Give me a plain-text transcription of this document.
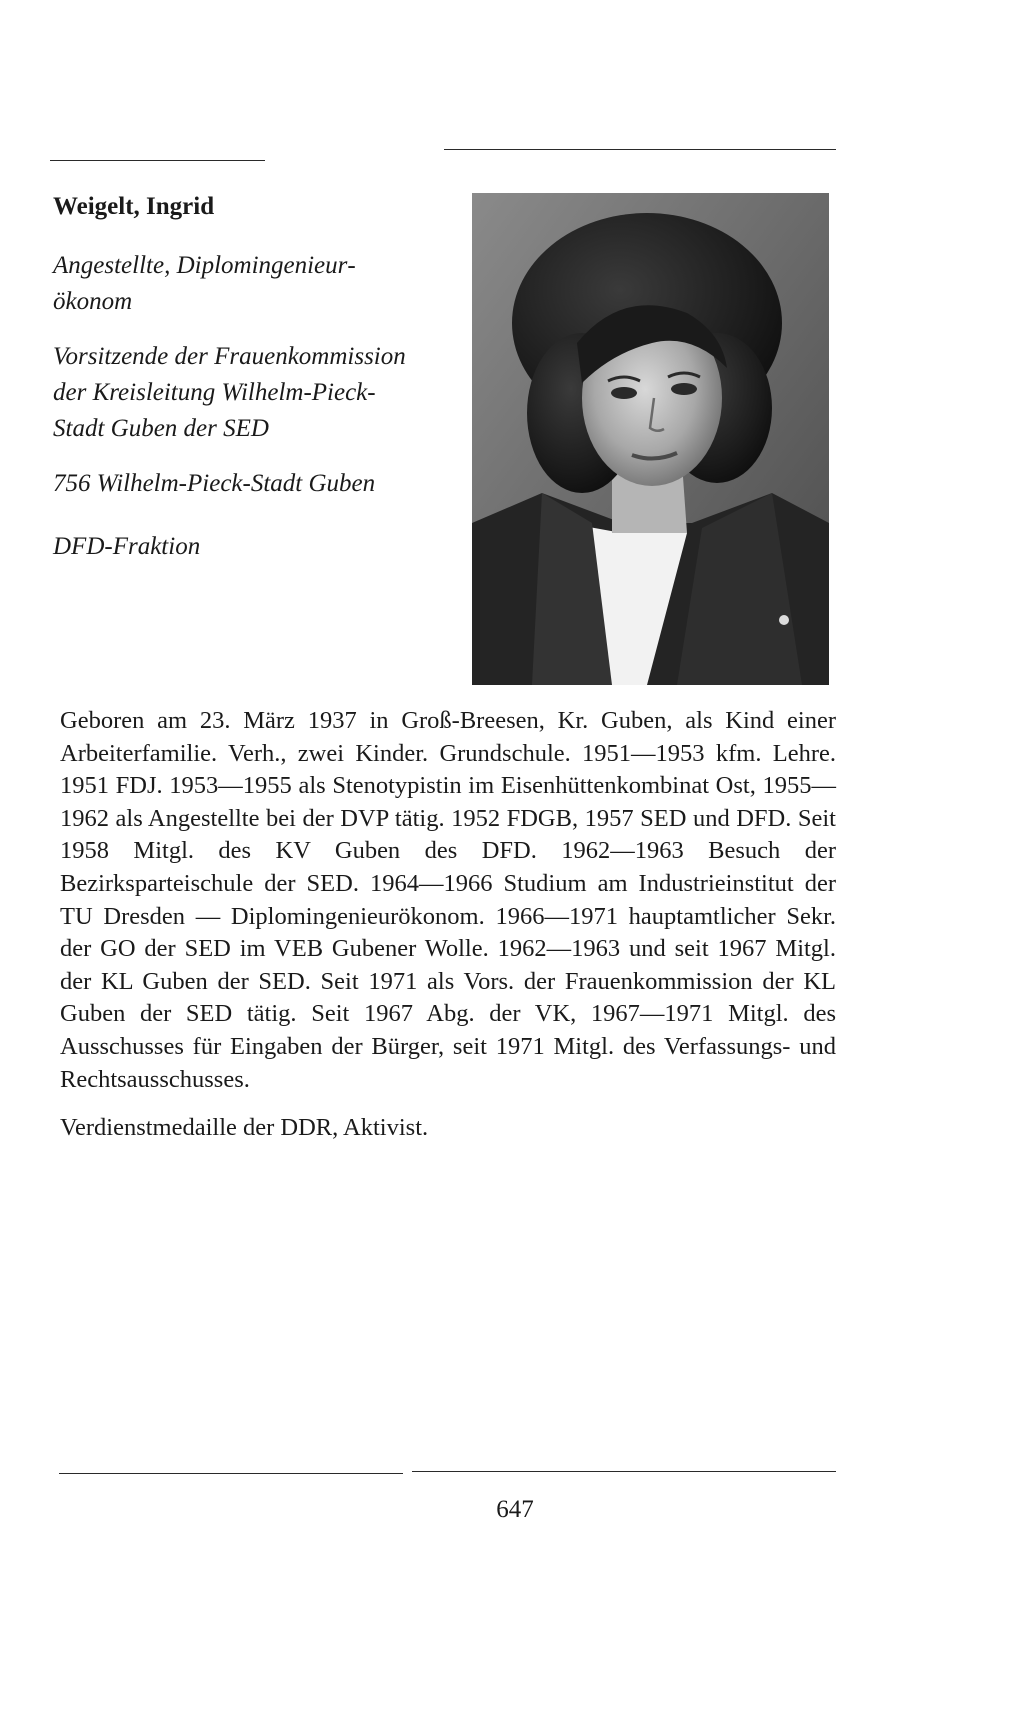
Weigelt, Ingrid

Angestellte, Diplomingenieurökonom

Vorsitzende der Frauenkommission der Kreisleitung Wilhelm-Pieck-Stadt Guben der SED

756 Wilhelm-Pieck-Stadt Guben

DFD-Fraktion

Geboren am 23. März 1937 in Groß-Breesen, Kr. Guben, als Kind einer Arbeiterfamilie. Verh., zwei Kinder. Grundschule. 1951—1953 kfm. Lehre. 1951 FDJ. 1953—1955 als Stenotypistin im Eisenhüttenkombinat Ost, 1955—1962 als Angestellte bei der DVP tätig. 1952 FDGB, 1957 SED und DFD. Seit 1958 Mitgl. des KV Guben des DFD. 1962—1963 Besuch der Bezirksparteischule der SED. 1964—1966 Studium am Industrieinstitut der TU Dresden — Diplomingenieurökonom. 1966—1971 hauptamtlicher Sekr. der GO der SED im VEB Gubener Wolle. 1962—1963 und seit 1967 Mitgl. der KL Guben der SED. Seit 1971 als Vors. der Frauenkommission der KL Guben der SED tätig. Seit 1967 Abg. der VK, 1967—1971 Mitgl. des Ausschusses für Eingaben der Bürger, seit 1971 Mitgl. des Verfassungs- und Rechtsausschusses.

Verdienstmedaille der DDR, Aktivist.

647
